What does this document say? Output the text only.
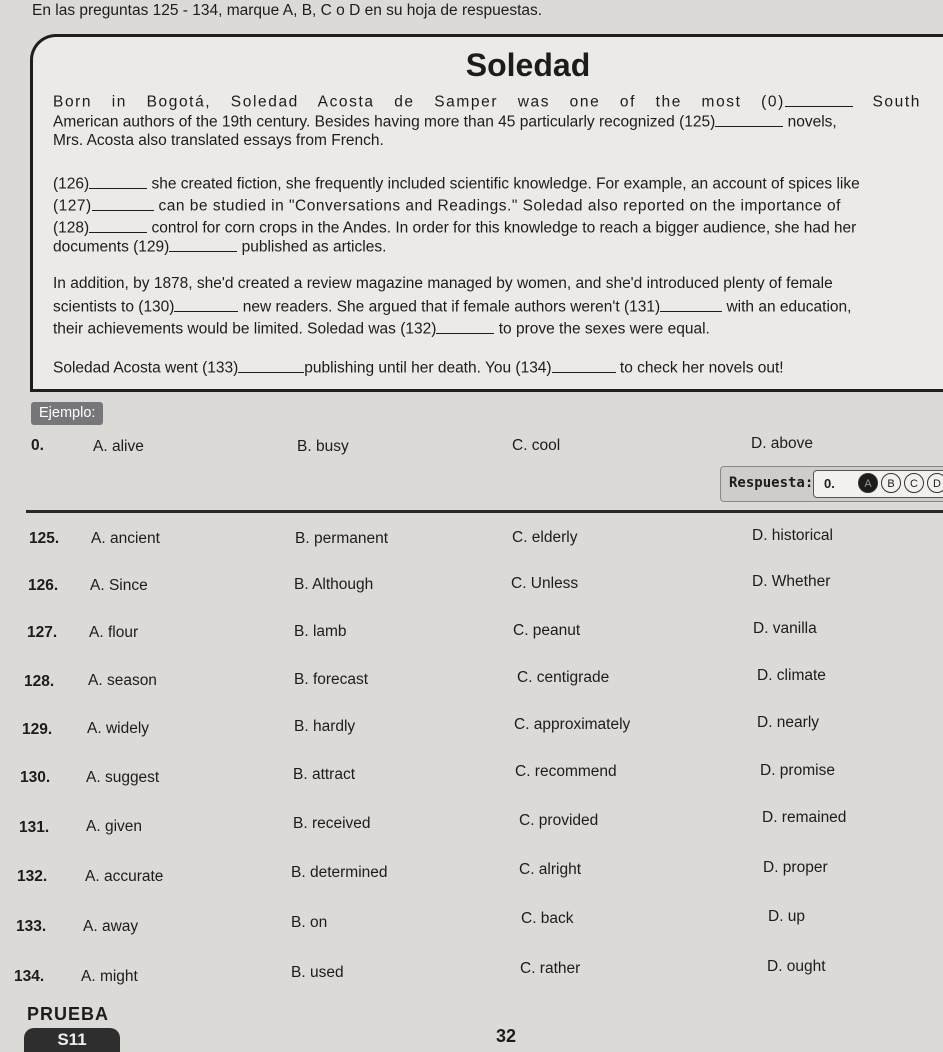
En las preguntas 125 - 134, marque A, B, C o D en su hoja de respuestas.
Soledad
Born in Bogotá, Soledad Acosta de Samper was one of the most (0)	South
American authors of the 19th century. Besides having more than 45 particularly recognized (125)	novels,
Mrs. Acosta also translated essays from French.
(126)	she created fiction, she frequently included scientific knowledge. For example, an account of spices like
(127)	can be studied in "Conversations and Readings." Soledad also reported on the importance of
(128)	control for corn crops in the Andes. In order for this knowledge to reach a bigger audience, she had her
documents (129)	published as articles.
In addition, by 1878, she'd created a review magazine managed by women, and she'd introduced plenty of female
scientists to (130)	new readers. She argued that if female authors weren't (131)	with an education,
their achievements would be limited. Soledad was (132)	to prove the sexes were equal.
Soledad Acosta went (133)	publishing until her death. You (134)	to check her novels out!
Ejemplo:
0.	A. alive	B. busy	C. cool	D. above
Respuesta: 0.	A	B	C	D
125. A. ancient	B. permanent	C. elderly	D. historical
126. A. Since	B. Although	C. Unless	D. Whether
127. A. flour	B. lamb	C. peanut	D. vanilla
128. A. season	B. forecast	C. centigrade	D. climate
129. A. widely	B. hardly	C. approximately	D. nearly
130. A. suggest	B. attract	C. recommend	D. promise
131. A. given	B. received	C. provided	D. remained
132. A. accurate	B. determined	C. alright	D. proper
133. A. away	B. on	C. back	D. up
134. A. might	B. used	C. rather	D. ought
PRUEBA
S11	32
